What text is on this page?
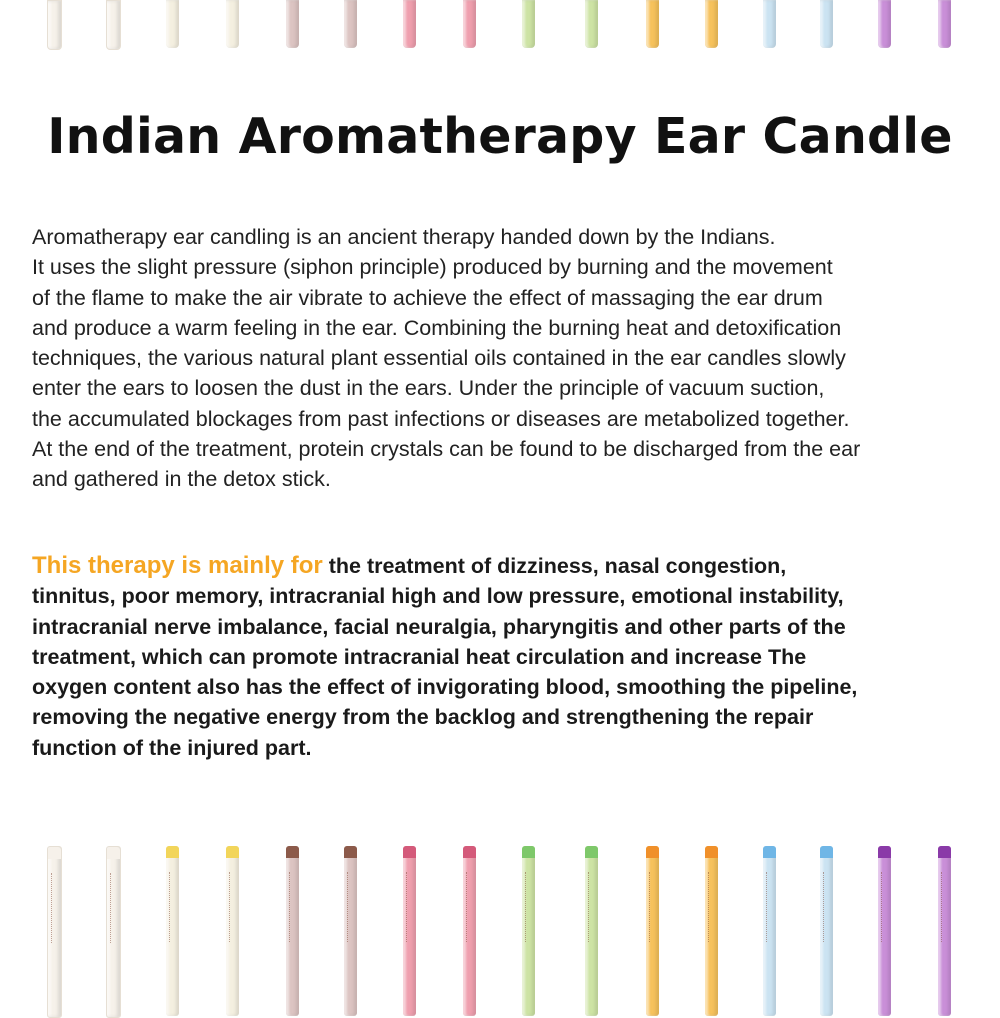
Indian Aromatherapy Ear Candle

Aromatherapy ear candling is an ancient therapy handed down by the Indians.
It uses the slight pressure (siphon principle) produced by burning and the movement
of the flame to make the air vibrate to achieve the effect of massaging the ear drum
and produce a warm feeling in the ear. Combining the burning heat and detoxification
techniques, the various natural plant essential oils contained in the ear candles slowly
enter the ears to loosen the dust in the ears. Under the principle of vacuum suction,
the accumulated blockages from past infections or diseases are metabolized together.
At the end of the treatment, protein crystals can be found to be discharged from the ear
and gathered in the detox stick.

This therapy is mainly for the treatment of dizziness, nasal congestion,
tinnitus, poor memory, intracranial high and low pressure, emotional instability,
intracranial nerve imbalance, facial neuralgia, pharyngitis and other parts of the
treatment, which can promote intracranial heat circulation and increase The
oxygen content also has the effect of invigorating blood, smoothing the pipeline,
removing the negative energy from the backlog and strengthening the repair
function of the injured part.
